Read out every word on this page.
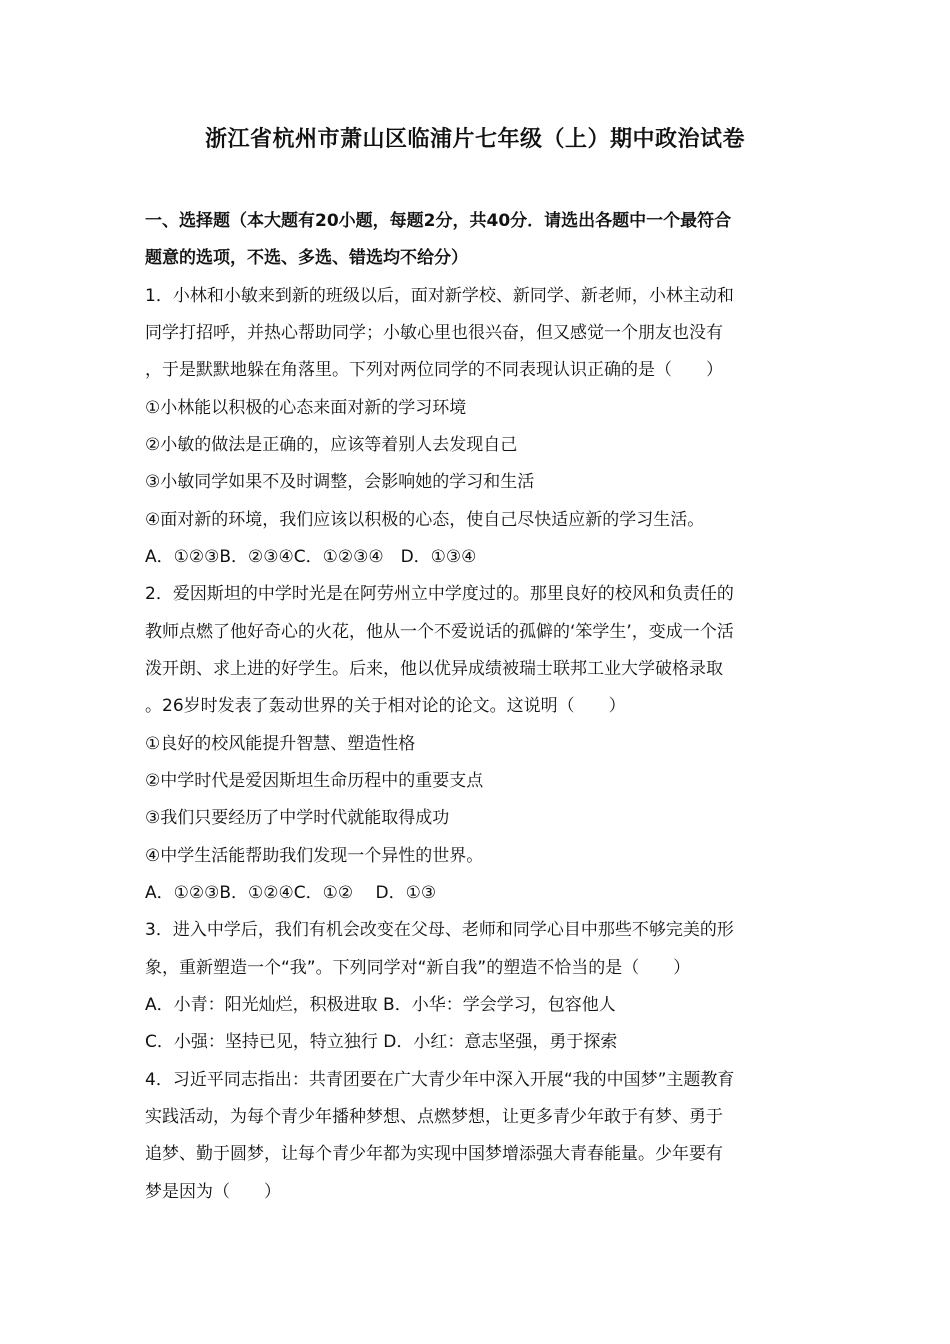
浙江省杭州市萧山区临浦片七年级（上）期中政治试卷
一、选择题（本大题有20小题，每题2分，共40分．请选出各题中一个最符合
题意的选项，不选、多选、错选均不给分）
1．小林和小敏来到新的班级以后，面对新学校、新同学、新老师，小林主动和
同学打招呼，并热心帮助同学；小敏心里也很兴奋，但又感觉一个朋友也没有
，于是默默地躲在角落里。下列对两位同学的不同表现认识正确的是（　　）
①小林能以积极的心态来面对新的学习环境
②小敏的做法是正确的，应该等着别人去发现自己
③小敏同学如果不及时调整，会影响她的学习和生活
④面对新的环境，我们应该以积极的心态，使自己尽快适应新的学习生活。
A．①②③B．②③④C．①②③④　D．①③④
2．爱因斯坦的中学时光是在阿劳州立中学度过的。那里良好的校风和负责任的
教师点燃了他好奇心的火花，他从一个不爱说话的孤僻的‘笨学生’，变成一个活
泼开朗、求上进的好学生。后来，他以优异成绩被瑞士联邦工业大学破格录取
。26岁时发表了轰动世界的关于相对论的论文。这说明（　　）
①良好的校风能提升智慧、塑造性格
②中学时代是爱因斯坦生命历程中的重要支点
③我们只要经历了中学时代就能取得成功
④中学生活能帮助我们发现一个异性的世界。
A．①②③B．①②④C．①②　 D．①③
3．进入中学后，我们有机会改变在父母、老师和同学心目中那些不够完美的形
象，重新塑造一个“我”。下列同学对“新自我”的塑造不恰当的是（　　）
A．小青：阳光灿烂，积极进取 B．小华：学会学习，包容他人
C．小强：坚持已见，特立独行 D．小红：意志坚强，勇于探索
4．习近平同志指出：共青团要在广大青少年中深入开展“我的中国梦”主题教育
实践活动，为每个青少年播种梦想、点燃梦想，让更多青少年敢于有梦、勇于
追梦、勤于圆梦，让每个青少年都为实现中国梦增添强大青春能量。少年要有
梦是因为（　　）
